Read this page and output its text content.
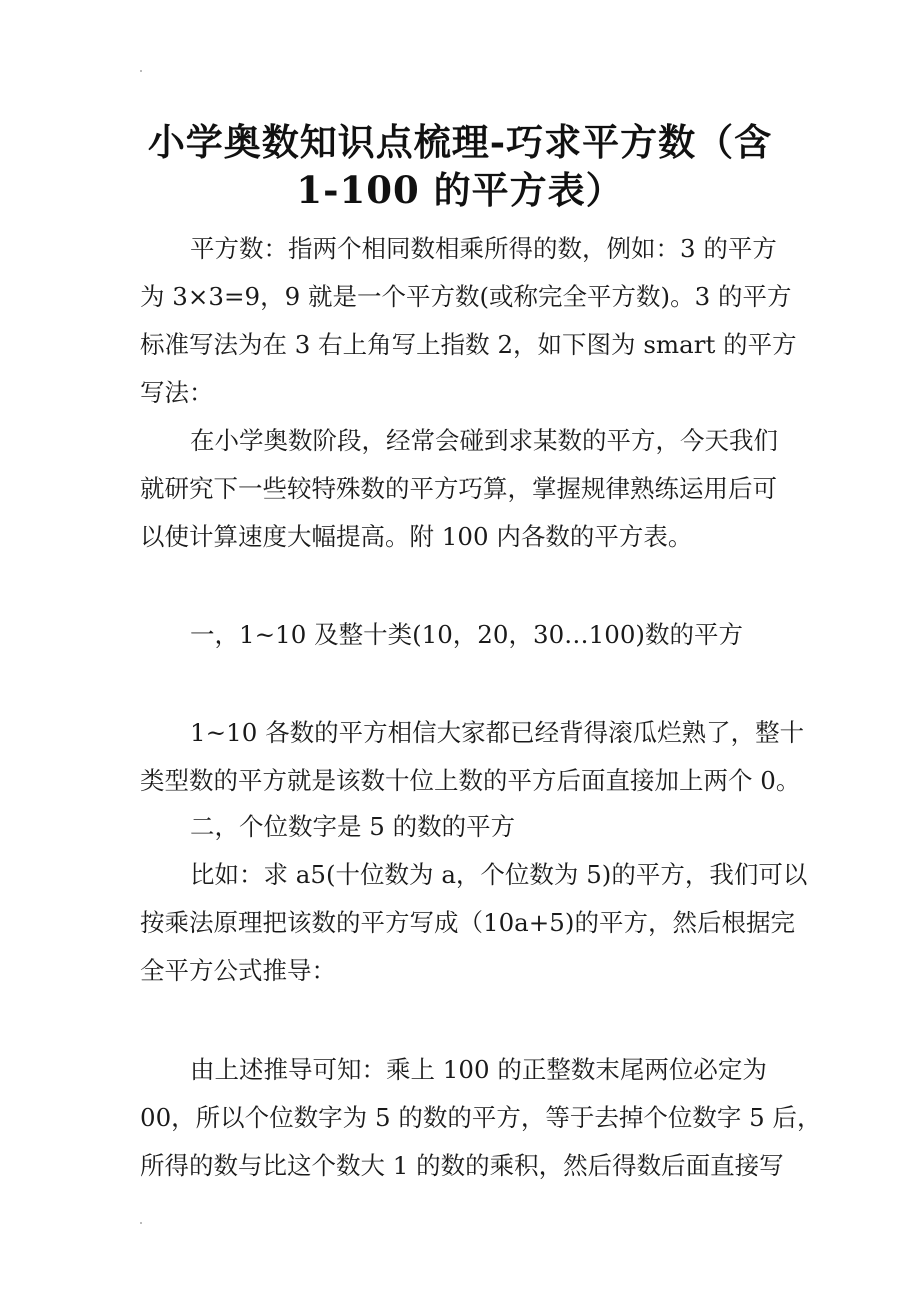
小学奥数知识点梳理-巧求平方数（含
1-100 的平方表）
平方数：指两个相同数相乘所得的数，例如：3 的平方
为 3×3=9，9 就是一个平方数(或称完全平方数)。3 的平方
标准写法为在 3 右上角写上指数 2，如下图为 smart 的平方
写法：
在小学奥数阶段，经常会碰到求某数的平方，今天我们
就研究下一些较特殊数的平方巧算，掌握规律熟练运用后可
以使计算速度大幅提高。附 100 内各数的平方表。
一，1~10 及整十类(10，20，30…100)数的平方
1~10 各数的平方相信大家都已经背得滚瓜烂熟了，整十
类型数的平方就是该数十位上数的平方后面直接加上两个 0。
二，个位数字是 5 的数的平方
比如：求 a5(十位数为 a，个位数为 5)的平方，我们可以
按乘法原理把该数的平方写成（10a+5)的平方，然后根据完
全平方公式推导：
由上述推导可知：乘上 100 的正整数末尾两位必定为
00，所以个位数字为 5 的数的平方，等于去掉个位数字 5 后，
所得的数与比这个数大 1 的数的乘积，然后得数后面直接写
